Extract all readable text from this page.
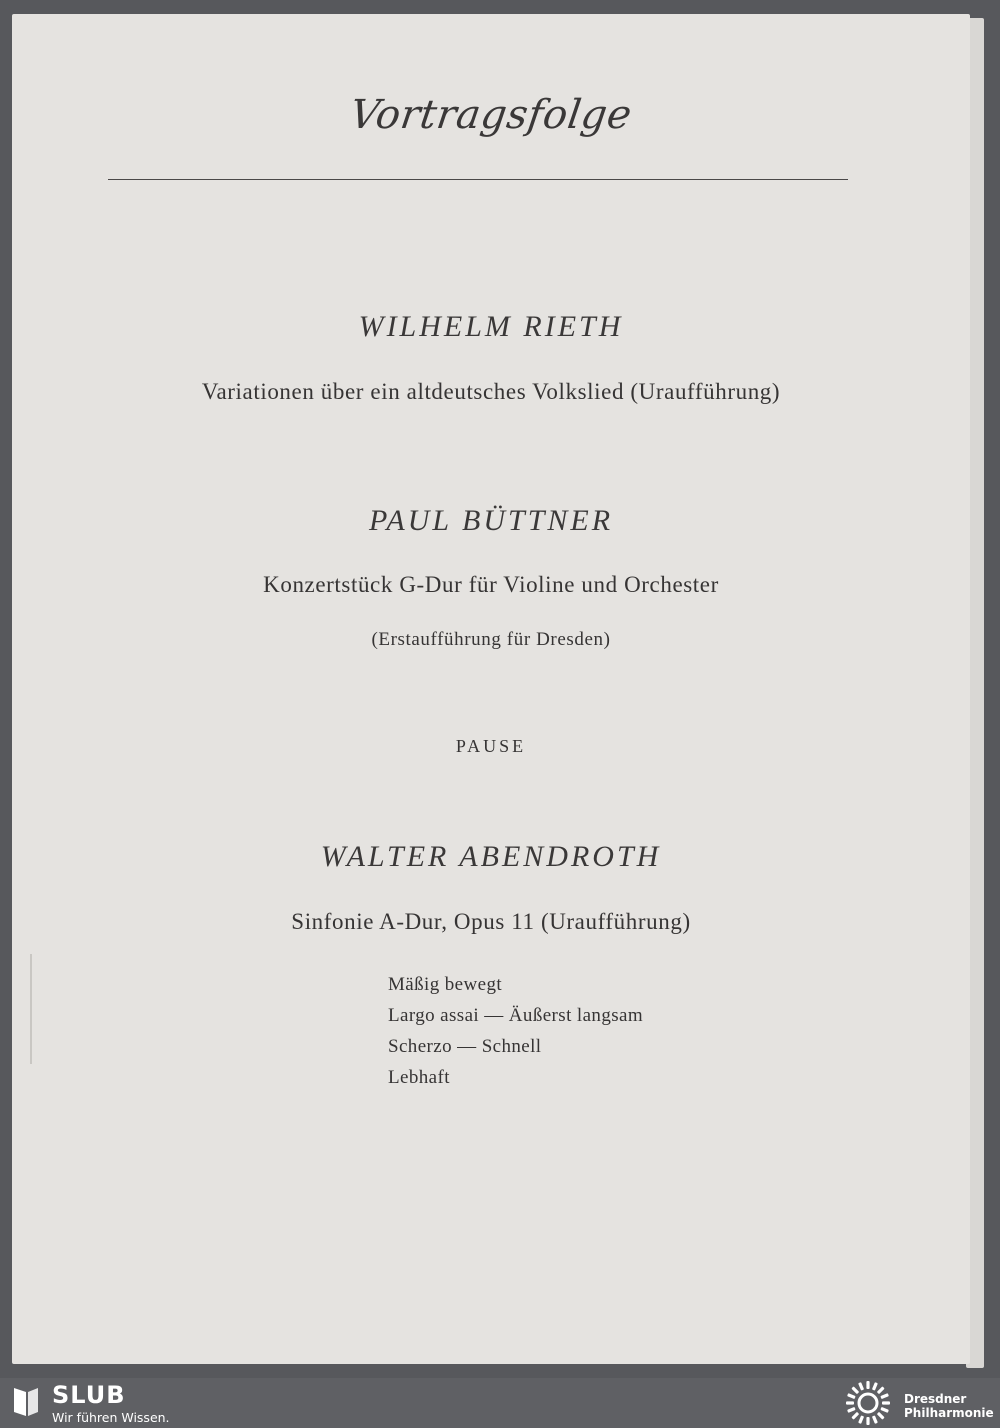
Vortragsfolge
WILHELM RIETH
Variationen über ein altdeutsches Volkslied (Uraufführung)
PAUL BÜTTNER
Konzertstück G-Dur für Violine und Orchester
(Erstaufführung für Dresden)
PAUSE
WALTER ABENDROTH
Sinfonie A-Dur, Opus 11 (Uraufführung)
Mäßig bewegt
Largo assai — Äußerst langsam
Scherzo — Schnell
Lebhaft
SLUB
Wir führen Wissen.
Dresdner
Philharmonie
